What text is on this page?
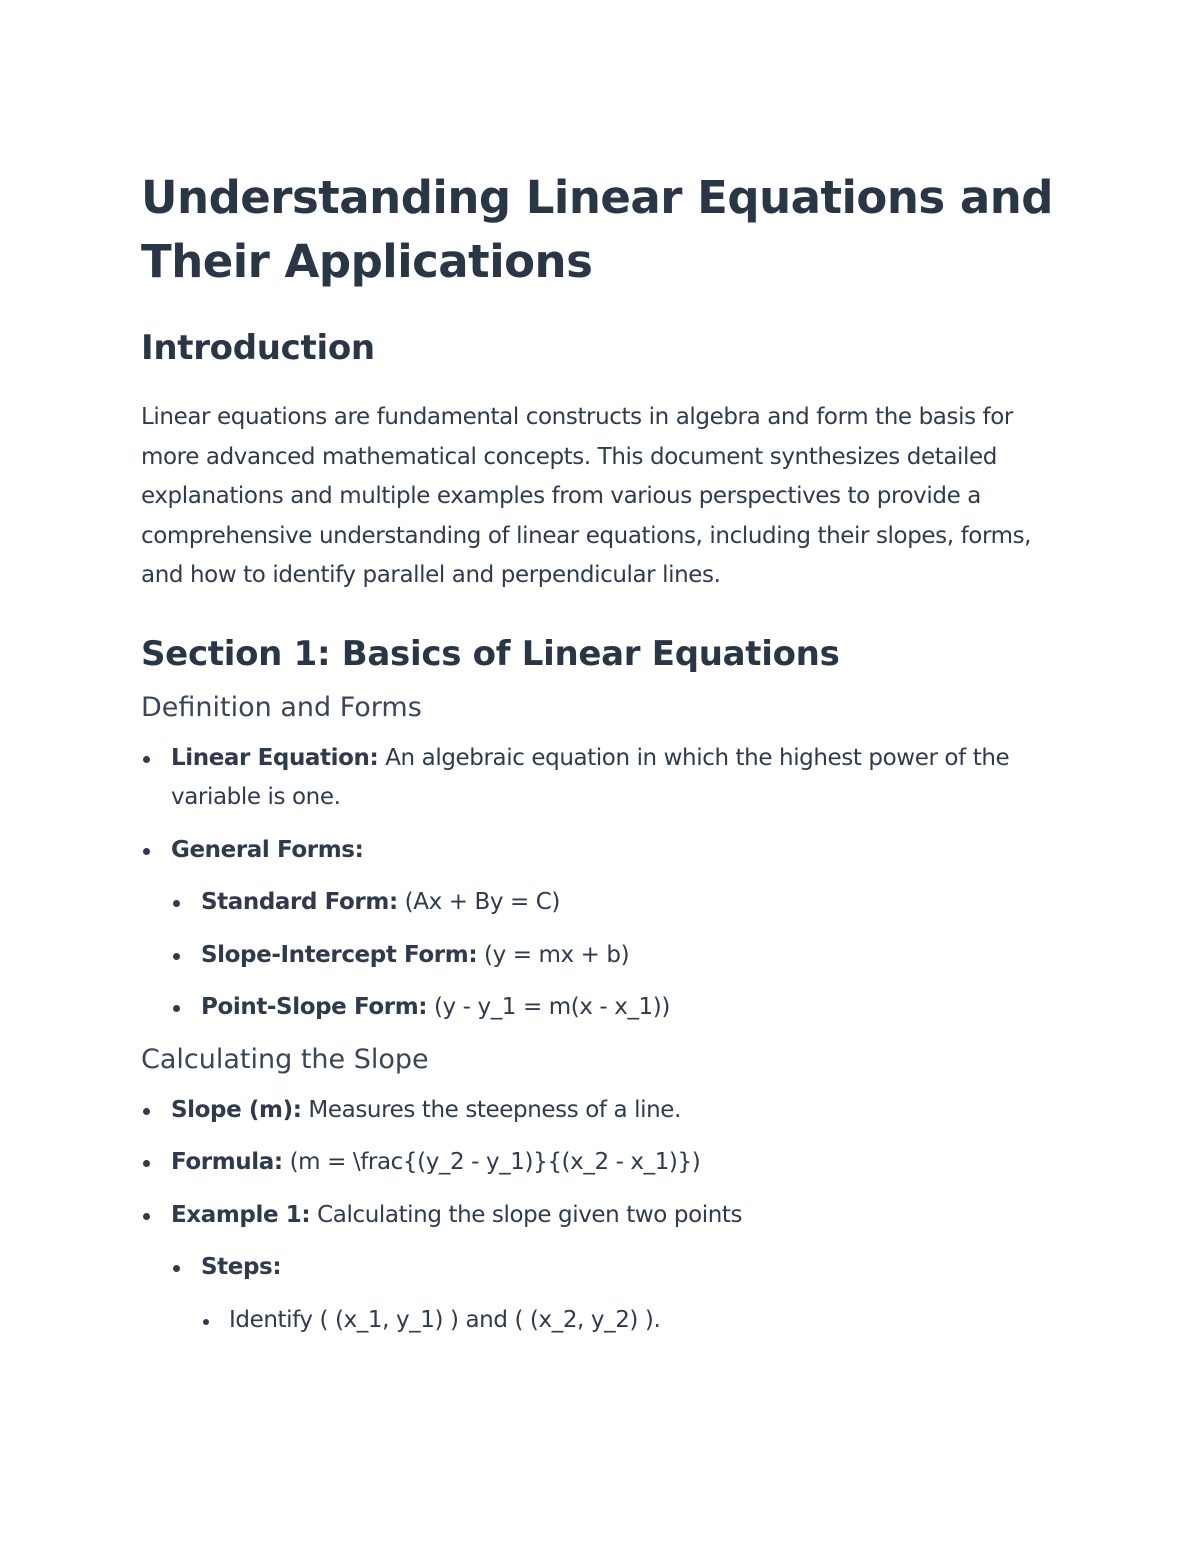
Understanding Linear Equations and Their Applications
Introduction

Linear equations are fundamental constructs in algebra and form the basis for more advanced mathematical concepts. This document synthesizes detailed explanations and multiple examples from various perspectives to provide a comprehensive understanding of linear equations, including their slopes, forms, and how to identify parallel and perpendicular lines.

Section 1: Basics of Linear Equations
Definition and Forms
Linear Equation: An algebraic equation in which the highest power of the variable is one.
General Forms:
Standard Form: (Ax + By = C)
Slope-Intercept Form: (y = mx + b)
Point-Slope Form: (y - y_1 = m(x - x_1))
Calculating the Slope
Slope (m): Measures the steepness of a line.
Formula: (m = \frac{(y_2 - y_1)}{(x_2 - x_1)})
Example 1: Calculating the slope given two points
Steps:
Identify ( (x_1, y_1) ) and ( (x_2, y_2) ).
